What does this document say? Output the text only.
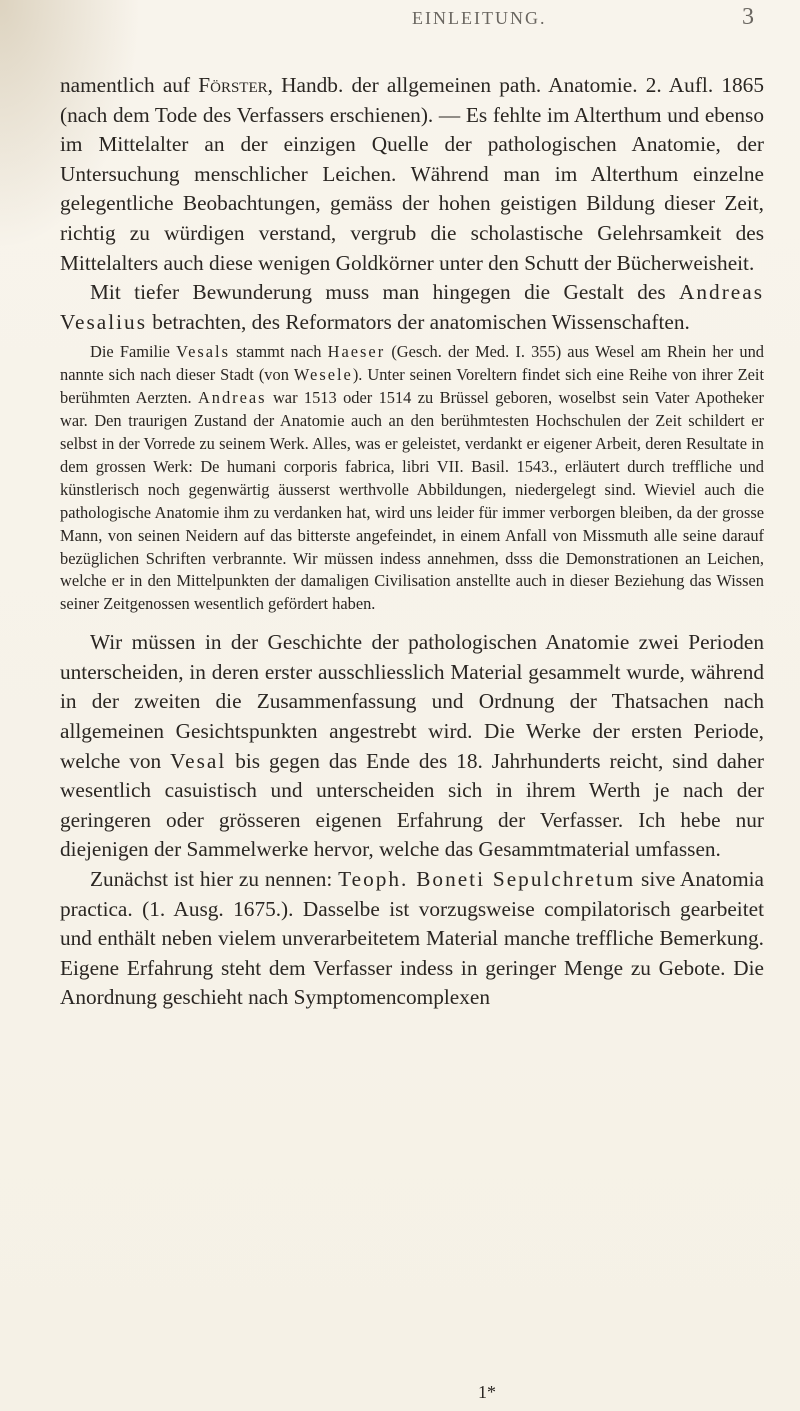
EINLEITUNG.	3

namentlich auf Förster, Handb. der allgemeinen path. Anatomie. 2. Aufl. 1865 (nach dem Tode des Verfassers erschienen). — Es fehlte im Alterthum und ebenso im Mittelalter an der einzigen Quelle der pathologischen Anatomie, der Untersuchung menschlicher Leichen. Während man im Alterthum einzelne gelegentliche Beobachtungen, gemäss der hohen geistigen Bildung dieser Zeit, richtig zu würdigen verstand, vergrub die scholastische Gelehrsamkeit des Mittelalters auch diese wenigen Goldkörner unter den Schutt der Bücherweisheit.

Mit tiefer Bewunderung muss man hingegen die Gestalt des Andreas Vesalius betrachten, des Reformators der anatomischen Wissenschaften.

Die Familie Vesals stammt nach Haeser (Gesch. der Med. I. 355) aus Wesel am Rhein her und nannte sich nach dieser Stadt (von Wesele). Unter seinen Voreltern findet sich eine Reihe von ihrer Zeit berühmten Aerzten. Andreas war 1513 oder 1514 zu Brüssel geboren, woselbst sein Vater Apotheker war. Den traurigen Zustand der Anatomie auch an den berühmtesten Hochschulen der Zeit schildert er selbst in der Vorrede zu seinem Werk. Alles, was er geleistet, verdankt er eigener Arbeit, deren Resultate in dem grossen Werk: De humani corporis fabrica, libri VII. Basil. 1543., erläutert durch treffliche und künstlerisch noch gegenwärtig äusserst werthvolle Abbildungen, niedergelegt sind. Wieviel auch die pathologische Anatomie ihm zu verdanken hat, wird uns leider für immer verborgen bleiben, da der grosse Mann, von seinen Neidern auf das bitterste angefeindet, in einem Anfall von Missmuth alle seine darauf bezüglichen Schriften verbrannte. Wir müssen indess annehmen, dsss die Demonstrationen an Leichen, welche er in den Mittelpunkten der damaligen Civilisation anstellte auch in dieser Beziehung das Wissen seiner Zeitgenossen wesentlich gefördert haben.

Wir müssen in der Geschichte der pathologischen Anatomie zwei Perioden unterscheiden, in deren erster ausschliesslich Material gesammelt wurde, während in der zweiten die Zusammenfassung und Ordnung der Thatsachen nach allgemeinen Gesichtspunkten angestrebt wird. Die Werke der ersten Periode, welche von Vesal bis gegen das Ende des 18. Jahrhunderts reicht, sind daher wesentlich casuistisch und unterscheiden sich in ihrem Werth je nach der geringeren oder grösseren eigenen Erfahrung der Verfasser. Ich hebe nur diejenigen der Sammelwerke hervor, welche das Gesammtmaterial umfassen.

Zunächst ist hier zu nennen: Teoph. Boneti Sepulchretum sive Anatomia practica. (1. Ausg. 1675.). Dasselbe ist vorzugsweise compilatorisch gearbeitet und enthält neben vielem unverarbeitetem Material manche treffliche Bemerkung. Eigene Erfahrung steht dem Verfasser indess in geringer Menge zu Gebote. Die Anordnung geschieht nach Symptomencomplexen

1*
